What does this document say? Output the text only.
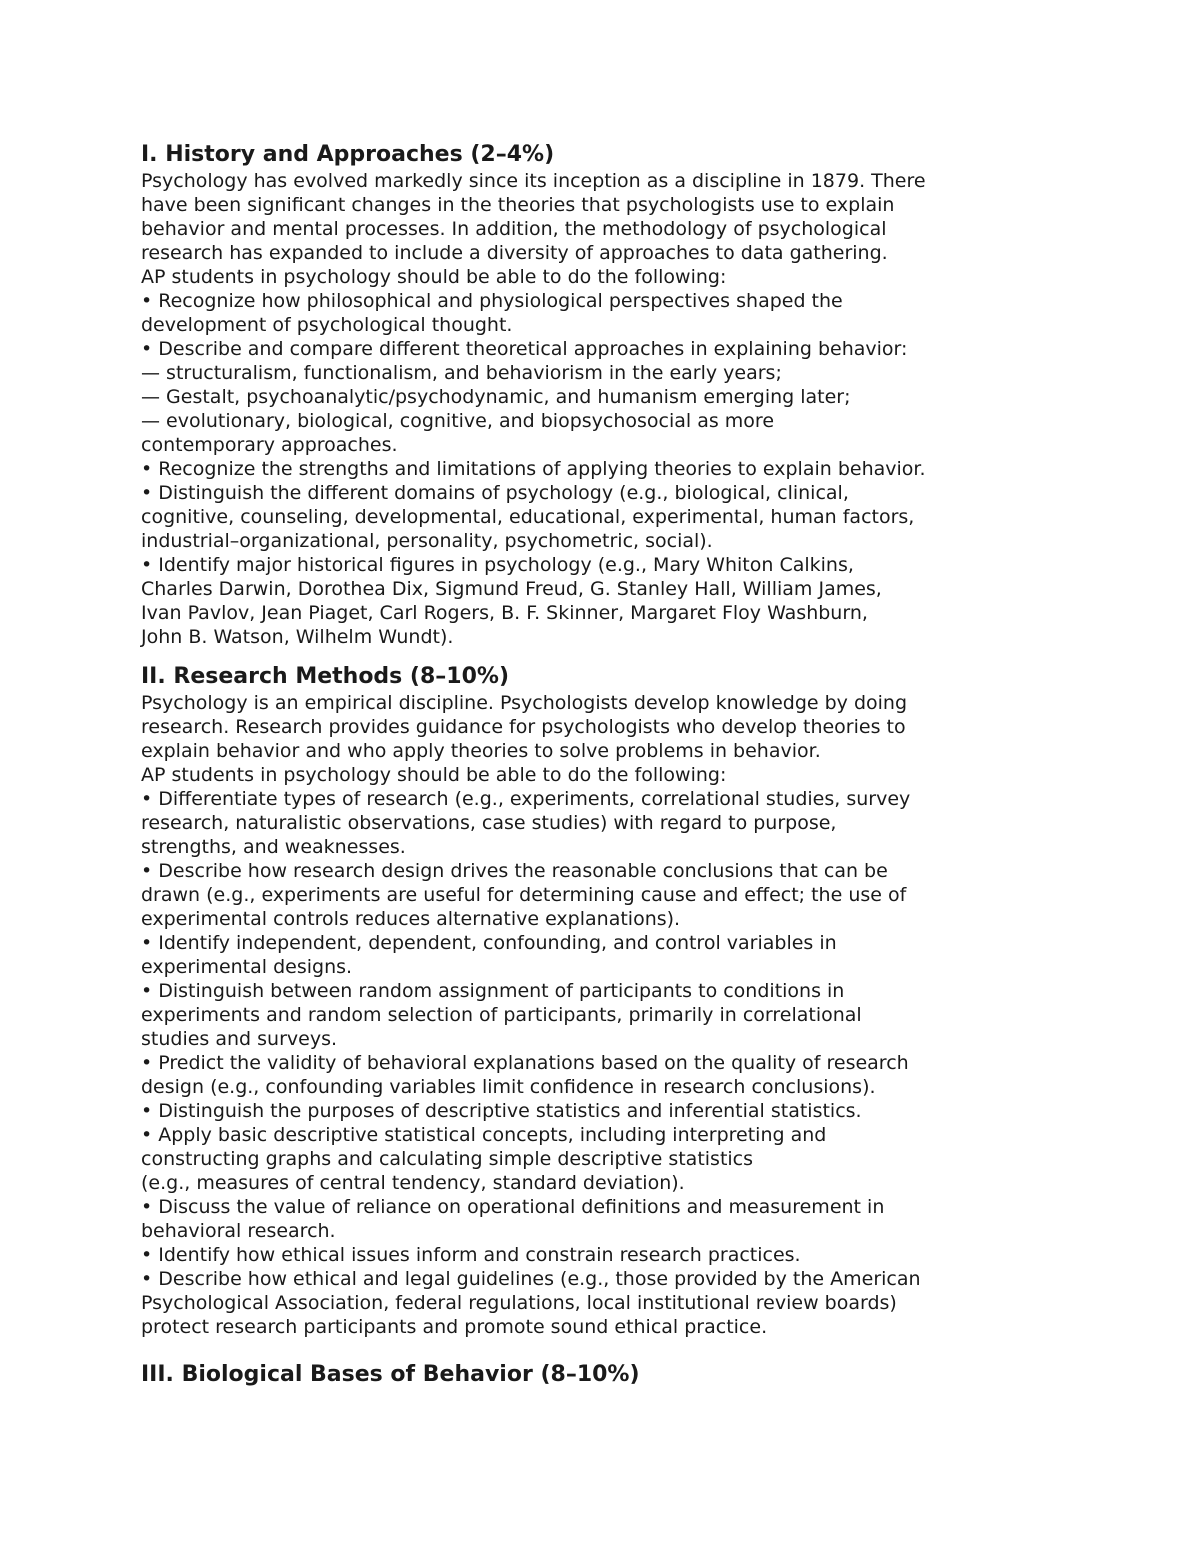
I. History and Approaches (2–4%)
Psychology has evolved markedly since its inception as a discipline in 1879. There
have been significant changes in the theories that psychologists use to explain
behavior and mental processes. In addition, the methodology of psychological
research has expanded to include a diversity of approaches to data gathering.
AP students in psychology should be able to do the following:
• Recognize how philosophical and physiological perspectives shaped the
development of psychological thought.
• Describe and compare different theoretical approaches in explaining behavior:
— structuralism, functionalism, and behaviorism in the early years;
— Gestalt, psychoanalytic/psychodynamic, and humanism emerging later;
— evolutionary, biological, cognitive, and biopsychosocial as more
contemporary approaches.
• Recognize the strengths and limitations of applying theories to explain behavior.
• Distinguish the different domains of psychology (e.g., biological, clinical,
cognitive, counseling, developmental, educational, experimental, human factors,
industrial–organizational, personality, psychometric, social).
• Identify major historical figures in psychology (e.g., Mary Whiton Calkins,
Charles Darwin, Dorothea Dix, Sigmund Freud, G. Stanley Hall, William James,
Ivan Pavlov, Jean Piaget, Carl Rogers, B. F. Skinner, Margaret Floy Washburn,
John B. Watson, Wilhelm Wundt).
II. Research Methods (8–10%)
Psychology is an empirical discipline. Psychologists develop knowledge by doing
research. Research provides guidance for psychologists who develop theories to
explain behavior and who apply theories to solve problems in behavior.
AP students in psychology should be able to do the following:
• Differentiate types of research (e.g., experiments, correlational studies, survey
research, naturalistic observations, case studies) with regard to purpose,
strengths, and weaknesses.
• Describe how research design drives the reasonable conclusions that can be
drawn (e.g., experiments are useful for determining cause and effect; the use of
experimental controls reduces alternative explanations).
• Identify independent, dependent, confounding, and control variables in
experimental designs.
• Distinguish between random assignment of participants to conditions in
experiments and random selection of participants, primarily in correlational
studies and surveys.
• Predict the validity of behavioral explanations based on the quality of research
design (e.g., confounding variables limit confidence in research conclusions).
• Distinguish the purposes of descriptive statistics and inferential statistics.
• Apply basic descriptive statistical concepts, including interpreting and
constructing graphs and calculating simple descriptive statistics
(e.g., measures of central tendency, standard deviation).
• Discuss the value of reliance on operational definitions and measurement in
behavioral research.
• Identify how ethical issues inform and constrain research practices.
• Describe how ethical and legal guidelines (e.g., those provided by the American
Psychological Association, federal regulations, local institutional review boards)
protect research participants and promote sound ethical practice.
III. Biological Bases of Behavior (8–10%)
